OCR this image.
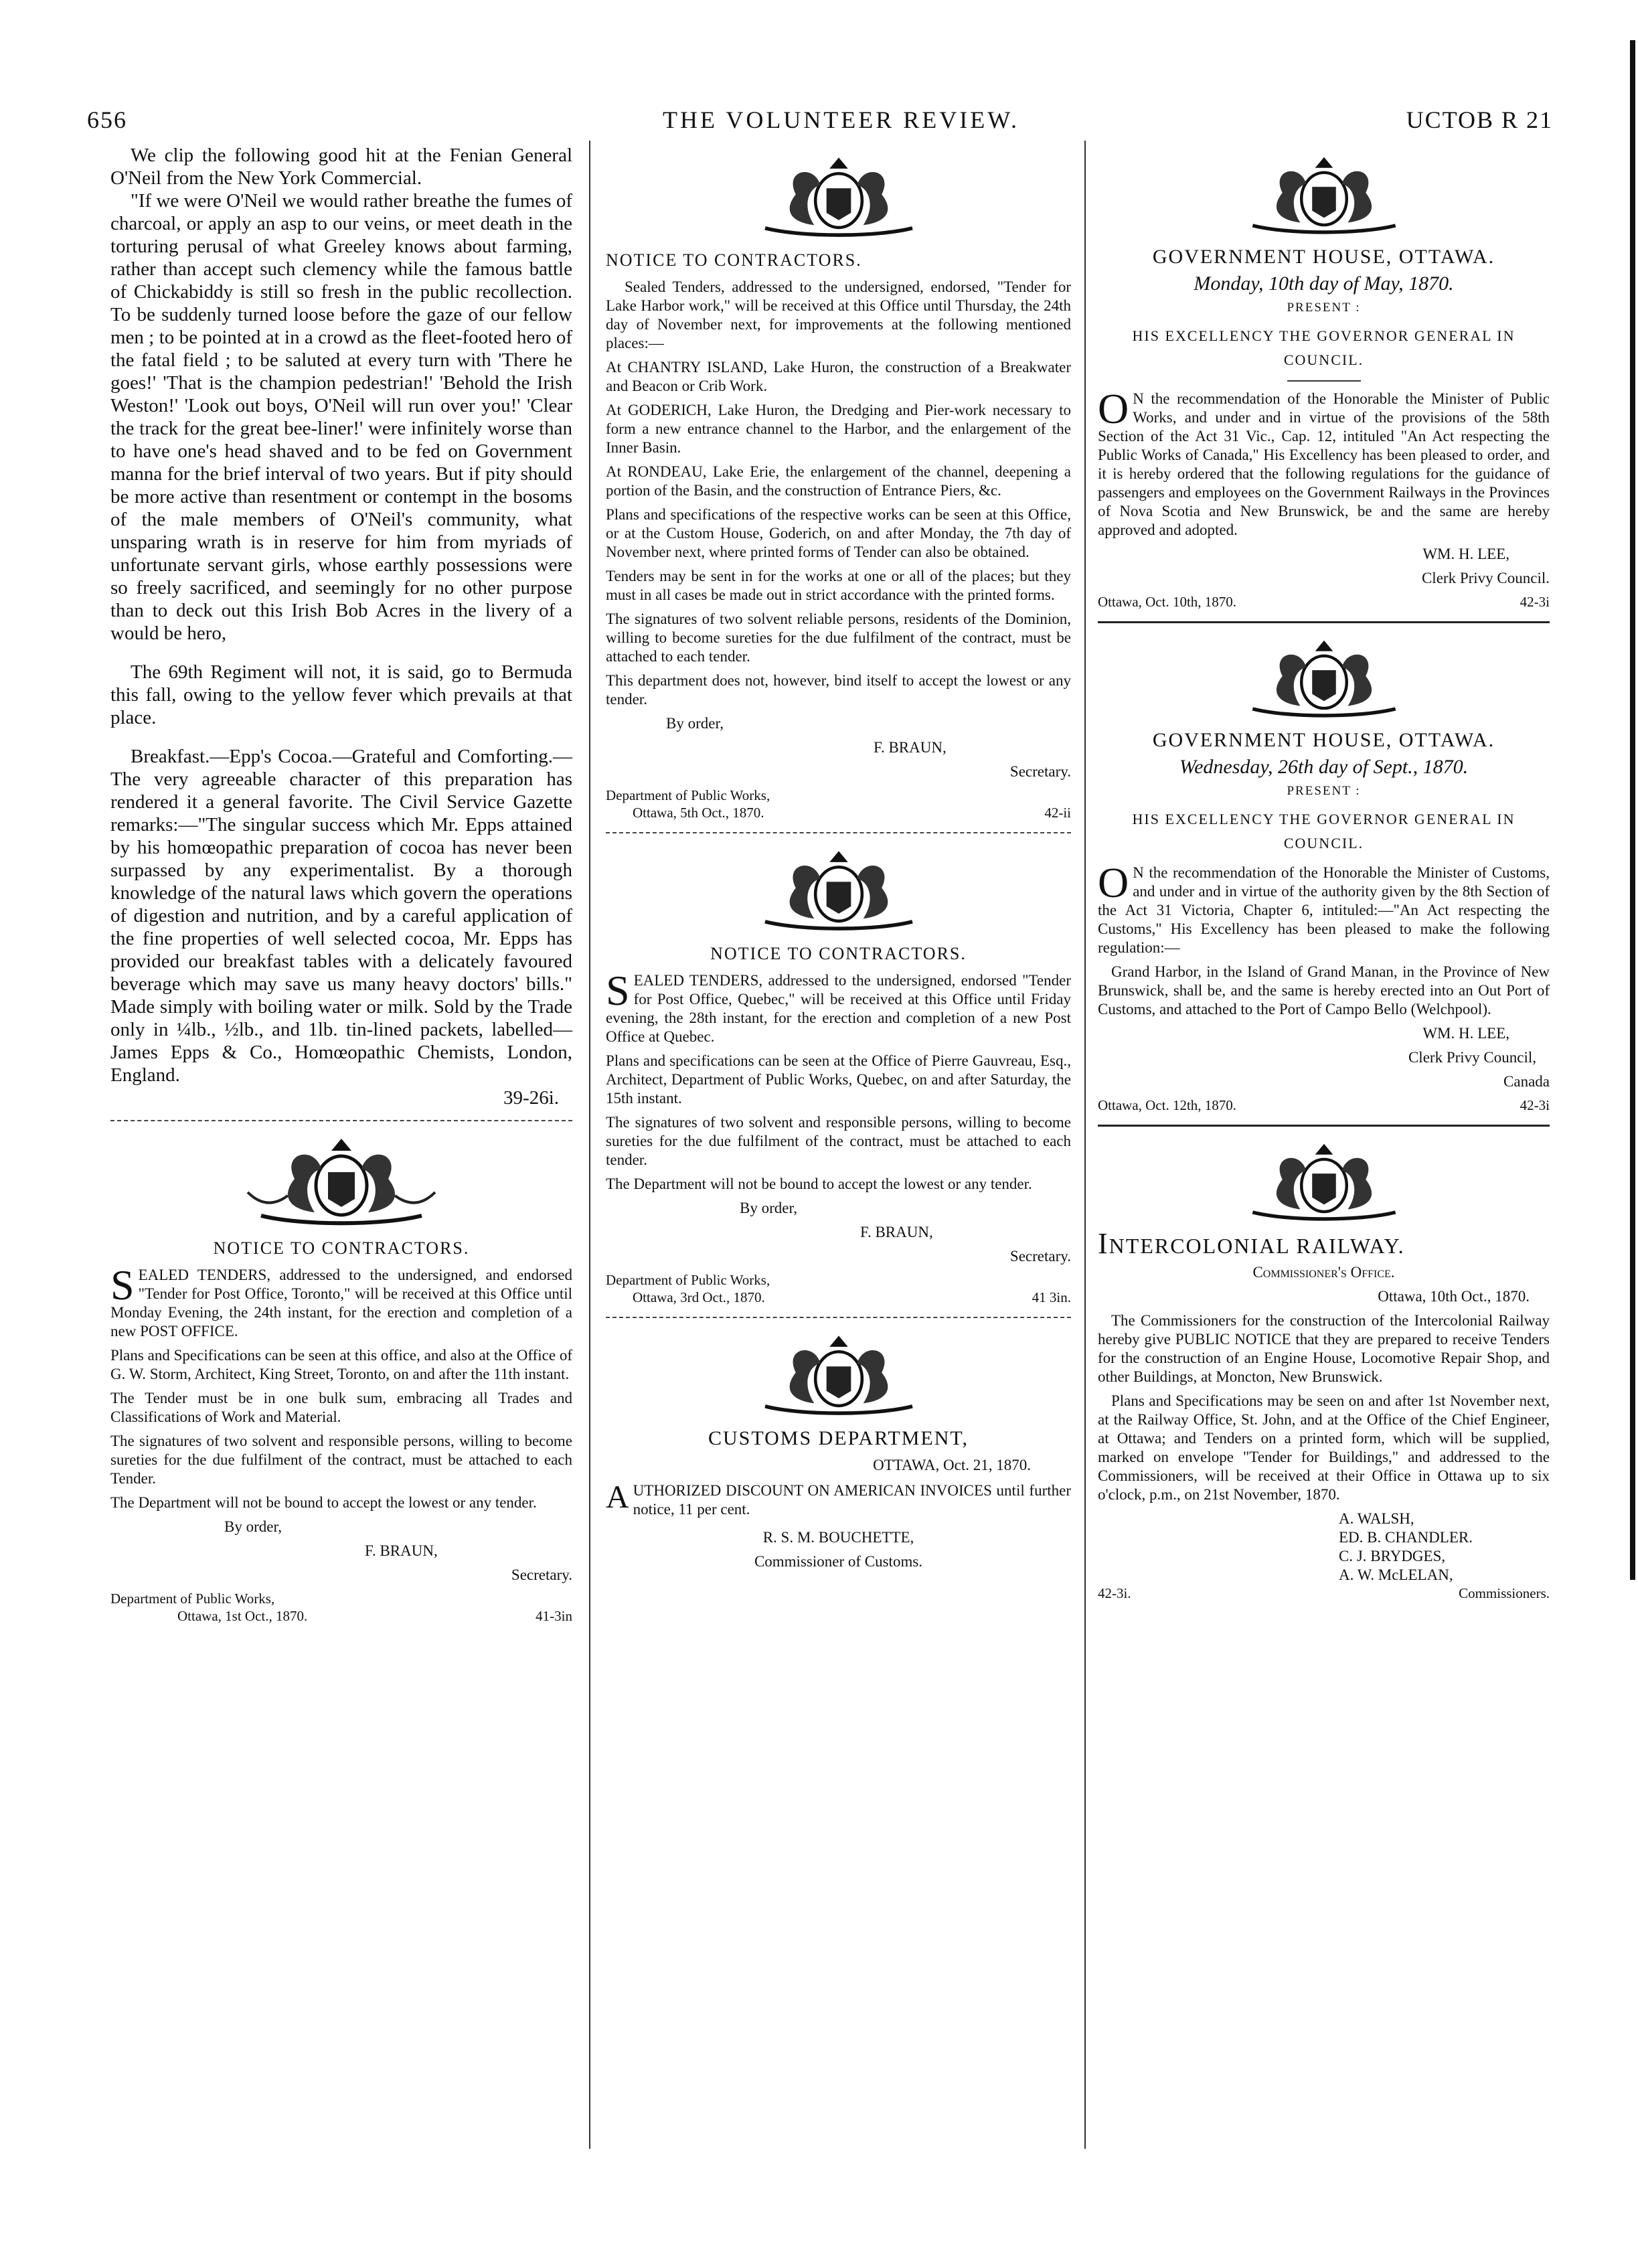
656	THE VOLUNTEER REVIEW.	UCTOB R 21

We clip the following good hit at the Fenian General O'Neil from the New York Commercial.

"If we were O'Neil we would rather breathe the fumes of charcoal, or apply an asp to our veins, or meet death in the torturing perusal of what Greeley knows about farming, rather than accept such clemency while the famous battle of Chickabiddy is still so fresh in the public recollection. To be suddenly turned loose before the gaze of our fellow men ; to be pointed at in a crowd as the fleet-footed hero of the fatal field ; to be saluted at every turn with 'There he goes!' 'That is the champion pedestrian!' 'Behold the Irish Weston!' 'Look out boys, O'Neil will run over you!' 'Clear the track for the great bee-liner!' were infinitely worse than to have one's head shaved and to be fed on Government manna for the brief interval of two years. But if pity should be more active than resentment or contempt in the bosoms of the male members of O'Neil's community, what unsparing wrath is in reserve for him from myriads of unfortunate servant girls, whose earthly possessions were so freely sacrificed, and seemingly for no other purpose than to deck out this Irish Bob Acres in the livery of a would be hero,

The 69th Regiment will not, it is said, go to Bermuda this fall, owing to the yellow fever which prevails at that place.

Breakfast.—Epp's Cocoa.—Grateful and Comforting.—The very agreeable character of this preparation has rendered it a general favorite. The Civil Service Gazette remarks:—"The singular success which Mr. Epps attained by his homœopathic preparation of cocoa has never been surpassed by any experimentalist. By a thorough knowledge of the natural laws which govern the operations of digestion and nutrition, and by a careful application of the fine properties of well selected cocoa, Mr. Epps has provided our breakfast tables with a delicately favoured beverage which may save us many heavy doctors' bills." Made simply with boiling water or milk. Sold by the Trade only in ¼lb., ½lb., and 1lb. tin-lined packets, labelled—James Epps & Co., Homœopathic Chemists, London, England.

39-26i.

NOTICE TO CONTRACTORS.

SEALED TENDERS, addressed to the undersigned, and endorsed "Tender for Post Office, Toronto," will be received at this Office until Monday Evening, the 24th instant, for the erection and completion of a new POST OFFICE.

Plans and Specifications can be seen at this office, and also at the Office of G. W. Storm, Architect, King Street, Toronto, on and after the 11th instant.

The Tender must be in one bulk sum, embracing all Trades and Classifications of Work and Material.

The signatures of two solvent and responsible persons, willing to become sureties for the due fulfilment of the contract, must be attached to each Tender.

The Department will not be bound to accept the lowest or any tender.

By order,

F. BRAUN,

Secretary.

Department of Public Works,
Ottawa, 1st Oct., 1870.	41-3in
NOTICE TO CONTRACTORS.

Sealed Tenders, addressed to the undersigned, endorsed, "Tender for Lake Harbor work," will be received at this Office until Thursday, the 24th day of November next, for improvements at the following mentioned places:—

At CHANTRY ISLAND, Lake Huron, the construction of a Breakwater and Beacon or Crib Work.

At GODERICH, Lake Huron, the Dredging and Pier-work necessary to form a new entrance channel to the Harbor, and the enlargement of the Inner Basin.

At RONDEAU, Lake Erie, the enlargement of the channel, deepening a portion of the Basin, and the construction of Entrance Piers, &c.

Plans and specifications of the respective works can be seen at this Office, or at the Custom House, Goderich, on and after Monday, the 7th day of November next, where printed forms of Tender can also be obtained.

Tenders may be sent in for the works at one or all of the places; but they must in all cases be made out in strict accordance with the printed forms.

The signatures of two solvent reliable persons, residents of the Dominion, willing to become sureties for the due fulfilment of the contract, must be attached to each tender.

This department does not, however, bind itself to accept the lowest or any tender.

By order,

F. BRAUN,

Secretary.

Department of Public Works,
Ottawa, 5th Oct., 1870.	42-ii
NOTICE TO CONTRACTORS.

SEALED TENDERS, addressed to the undersigned, endorsed "Tender for Post Office, Quebec," will be received at this Office until Friday evening, the 28th instant, for the erection and completion of a new Post Office at Quebec.

Plans and specifications can be seen at the Office of Pierre Gauvreau, Esq., Architect, Department of Public Works, Quebec, on and after Saturday, the 15th instant.

The signatures of two solvent and responsible persons, willing to become sureties for the due fulfilment of the contract, must be attached to each tender.

The Department will not be bound to accept the lowest or any tender.

By order,

F. BRAUN,

Secretary.

Department of Public Works,
Ottawa, 3rd Oct., 1870.	41 3in.
CUSTOMS DEPARTMENT,

OTTAWA, Oct. 21, 1870.

AUTHORIZED DISCOUNT ON AMERICAN INVOICES until further notice, 11 per cent.

R. S. M. BOUCHETTE,

Commissioner of Customs.

GOVERNMENT HOUSE, OTTAWA.
Monday, 10th day of May, 1870.
PRESENT :
HIS EXCELLENCY THE GOVERNOR GENERAL IN COUNCIL.

O N the recommendation of the Honorable the Minister of Public Works, and under and in virtue of the provisions of the 58th Section of the Act 31 Vic., Cap. 12, intituled "An Act respecting the Public Works of Canada," His Excellency has been pleased to order, and it is hereby ordered that the following regulations for the guidance of passengers and employees on the Government Railways in the Provinces of Nova Scotia and New Brunswick, be and the same are hereby approved and adopted.

WM. H. LEE,

Clerk Privy Council.

Ottawa, Oct. 10th, 1870.	42-3i
GOVERNMENT HOUSE, OTTAWA.
Wednesday, 26th day of Sept., 1870.
PRESENT :
HIS EXCELLENCY THE GOVERNOR GENERAL IN COUNCIL.

O N the recommendation of the Honorable the Minister of Customs, and under and in virtue of the authority given by the 8th Section of the Act 31 Victoria, Chapter 6, intituled:—"An Act respecting the Customs," His Excellency has been pleased to make the following regulation:—

Grand Harbor, in the Island of Grand Manan, in the Province of New Brunswick, shall be, and the same is hereby erected into an Out Port of Customs, and attached to the Port of Campo Bello (Welchpool).

WM. H. LEE,

Clerk Privy Council,

Canada

Ottawa, Oct. 12th, 1870.	42-3i
INTERCOLONIAL RAILWAY.

Commissioner's Office.

Ottawa, 10th Oct., 1870.

The Commissioners for the construction of the Intercolonial Railway hereby give PUBLIC NOTICE that they are prepared to receive Tenders for the construction of an Engine House, Locomotive Repair Shop, and other Buildings, at Moncton, New Brunswick.

Plans and Specifications may be seen on and after 1st November next, at the Railway Office, St. John, and at the Office of the Chief Engineer, at Ottawa; and Tenders on a printed form, which will be supplied, marked on envelope "Tender for Buildings," and addressed to the Commissioners, will be received at their Office in Ottawa up to six o'clock, p.m., on 21st November, 1870.

A. WALSH,

ED. B. CHANDLER.

C. J. BRYDGES,

A. W. McLELAN,

42-3i.	Commissioners.
